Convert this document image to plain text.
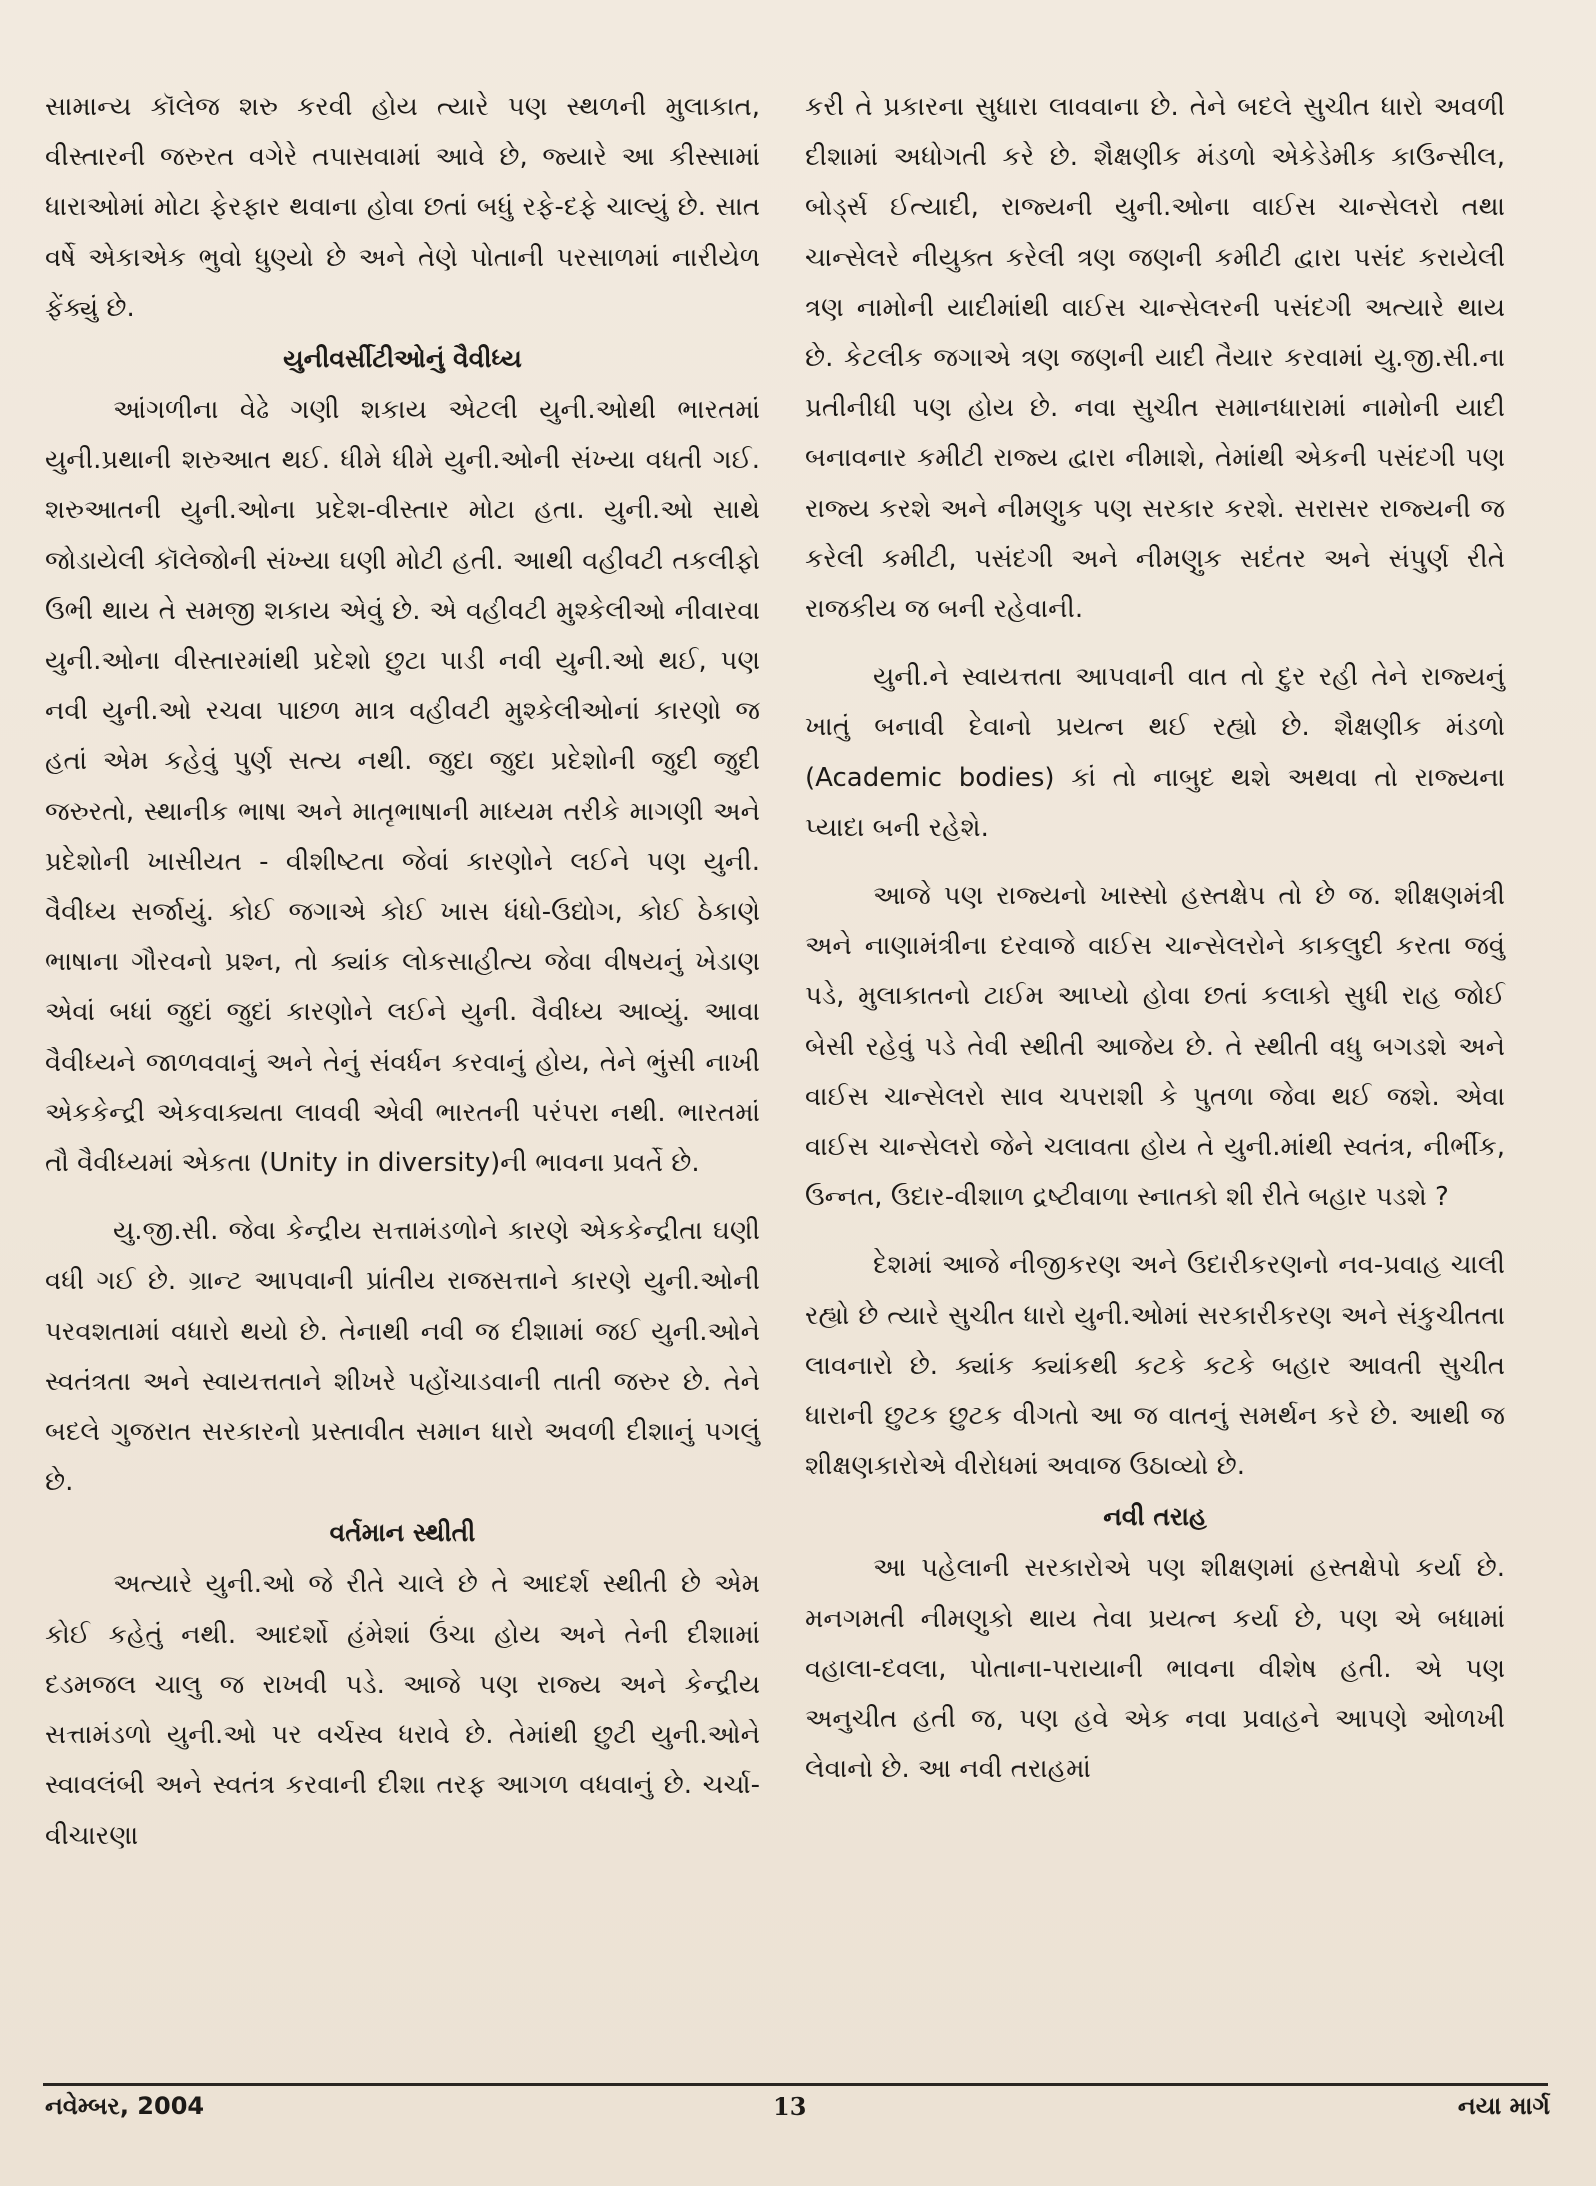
સામાન્ય કૉલેજ શરુ કરવી હોય ત્યારે પણ સ્થળની મુલાકાત, વીસ્તારની જરુરત વગેરે તપાસવામાં આવે છે, જ્યારે આ કીસ્સામાં ધારાઓમાં મોટા ફેરફાર થવાના હોવા છતાં બધું રફે-દફે ચાલ્યું છે. સાત વર્ષે એકાએક ભુવો ધુણ્યો છે અને તેણે પોતાની પરસાળમાં નારીયેળ ફેંક્યું છે.

યુનીવર્સીટીઓનું વૈવીધ્ય

આંગળીના વેઢે ગણી શકાય એટલી યુની.ઓથી ભારતમાં યુની.પ્રથાની શરુઆત થઈ. ધીમે ધીમે યુની.ઓની સંખ્યા વધતી ગઈ. શરુઆતની યુની.ઓના પ્રદેશ-વીસ્તાર મોટા હતા. યુની.ઓ સાથે જોડાયેલી કૉલેજોની સંખ્યા ઘણી મોટી હતી. આથી વહીવટી તકલીફો ઉભી થાય તે સમજી શકાય એવું છે. એ વહીવટી મુશ્કેલીઓ નીવારવા યુની.ઓના વીસ્તારમાંથી પ્રદેશો છુટા પાડી નવી યુની.ઓ થઈ, પણ નવી યુની.ઓ રચવા પાછળ માત્ર વહીવટી મુશ્કેલીઓનાં કારણો જ હતાં એમ કહેવું પુર્ણ સત્ય નથી. જુદા જુદા પ્રદેશોની જુદી જુદી જરુરતો, સ્થાનીક ભાષા અને માતૃભાષાની માધ્યમ તરીકે માગણી અને પ્રદેશોની ખાસીયત - વીશીષ્ટતા જેવાં કારણોને લઈને પણ યુની. વૈવીધ્ય સર્જાયું. કોઈ જગાએ કોઈ ખાસ ધંધો-ઉદ્યોગ, કોઈ ઠેકાણે ભાષાના ગૌરવનો પ્રશ્ન, તો ક્યાંક લોકસાહીત્ય જેવા વીષયનું ખેડાણ એવાં બધાં જુદાં જુદાં કારણોને લઈને યુની. વૈવીધ્ય આવ્યું. આવા વૈવીધ્યને જાળવવાનું અને તેનું સંવર્ધન કરવાનું હોય, તેને ભુંસી નાખી એકકેન્દ્રી એકવાક્યતા લાવવી એવી ભારતની પરંપરા નથી. ભારતમાં તૌ વૈવીધ્યમાં એકતા (Unity in diversity)ની ભાવના પ્રવર્તે છે.

યુ.જી.સી. જેવા કેન્દ્રીય સત્તામંડળોને કારણે એકકેન્દ્રીતા ઘણી વધી ગઈ છે. ગ્રાન્ટ આપવાની પ્રાંતીય રાજસત્તાને કારણે યુની.ઓની પરવશતામાં વધારો થયો છે. તેનાથી નવી જ દીશામાં જઈ યુની.ઓને સ્વતંત્રતા અને સ્વાયત્તતાને શીખરે પહોંચાડવાની તાતી જરુર છે. તેને બદલે ગુજરાત સરકારનો પ્રસ્તાવીત સમાન ધારો અવળી દીશાનું પગલું છે.

વર્તમાન સ્થીતી

અત્યારે યુની.ઓ જે રીતે ચાલે છે તે આદર્શ સ્થીતી છે એમ કોઈ કહેતું નથી. આદર્શો હંમેશાં ઉંચા હોય અને તેની દીશામાં દડમજલ ચાલુ જ રાખવી પડે. આજે પણ રાજ્ય અને કેન્દ્રીય સત્તામંડળો યુની.ઓ પર વર્ચસ્વ ધરાવે છે. તેમાંથી છુટી યુની.ઓને સ્વાવલંબી અને સ્વતંત્ર કરવાની દીશા તરફ આગળ વધવાનું છે. ચર્ચા-વીચારણા

કરી તે પ્રકારના સુધારા લાવવાના છે. તેને બદલે સુચીત ધારો અવળી દીશામાં અધોગતી કરે છે. શૈક્ષણીક મંડળો એકેડેમીક કાઉન્સીલ, બોર્ડ્સ ઈત્યાદી, રાજ્યની યુની.ઓના વાઈસ ચાન્સેલરો તથા ચાન્સેલરે નીયુક્ત કરેલી ત્રણ જણની કમીટી દ્વારા પસંદ કરાયેલી ત્રણ નામોની યાદીમાંથી વાઈસ ચાન્સેલરની પસંદગી અત્યારે થાય છે. કેટલીક જગાએ ત્રણ જણની યાદી તૈયાર કરવામાં યુ.જી.સી.ના પ્રતીનીધી પણ હોય છે. નવા સુચીત સમાનધારામાં નામોની યાદી બનાવનાર કમીટી રાજ્ય દ્વારા નીમાશે, તેમાંથી એકની પસંદગી પણ રાજ્ય કરશે અને નીમણુક પણ સરકાર કરશે. સરાસર રાજ્યની જ કરેલી કમીટી, પસંદગી અને નીમણુક સદંતર અને સંપુર્ણ રીતે રાજકીય જ બની રહેવાની.

યુની.ને સ્વાયત્તતા આપવાની વાત તો દુર રહી તેને રાજ્યનું ખાતું બનાવી દેવાનો પ્રયત્ન થઈ રહ્યો છે. શૈક્ષણીક મંડળો (Academic bodies) કાં તો નાબુદ થશે અથવા તો રાજ્યના પ્યાદા બની રહેશે.

આજે પણ રાજ્યનો ખાસ્સો હસ્તક્ષેપ તો છે જ. શીક્ષણમંત્રી અને નાણામંત્રીના દરવાજે વાઈસ ચાન્સેલરોને કાકલુદી કરતા જવું પડે, મુલાકાતનો ટાઈમ આપ્યો હોવા છતાં કલાકો સુધી રાહ જોઈ બેસી રહેવું પડે તેવી સ્થીતી આજેય છે. તે સ્થીતી વધુ બગડશે અને વાઈસ ચાન્સેલરો સાવ ચપરાશી કે પુતળા જેવા થઈ જશે. એવા વાઈસ ચાન્સેલરો જેને ચલાવતા હોય તે યુની.માંથી સ્વતંત્ર, નીર્ભીક, ઉન્નત, ઉદાર-વીશાળ દ્રષ્ટીવાળા સ્નાતકો શી રીતે બહાર પડશે ?

દેશમાં આજે નીજીકરણ અને ઉદારીકરણનો નવ-પ્રવાહ ચાલી રહ્યો છે ત્યારે સુચીત ધારો યુની.ઓમાં સરકારીકરણ અને સંકુચીતતા લાવનારો છે. ક્યાંક ક્યાંકથી કટકે કટકે બહાર આવતી સુચીત ધારાની છુટક છુટક વીગતો આ જ વાતનું સમર્થન કરે છે. આથી જ શીક્ષણકારોએ વીરોધમાં અવાજ ઉઠાવ્યો છે.

નવી તરાહ

આ પહેલાની સરકારોએ પણ શીક્ષણમાં હસ્તક્ષેપો કર્યા છે. મનગમતી નીમણુકો થાય તેવા પ્રયત્ન કર્યા છે, પણ એ બધામાં વહાલા-દવલા, પોતાના-પરાયાની ભાવના વીશેષ હતી. એ પણ અનુચીત હતી જ, પણ હવે એક નવા પ્રવાહને આપણે ઓળખી લેવાનો છે. આ નવી તરાહમાં

નવેમ્બર, 2004	13	નયા માર્ગ
